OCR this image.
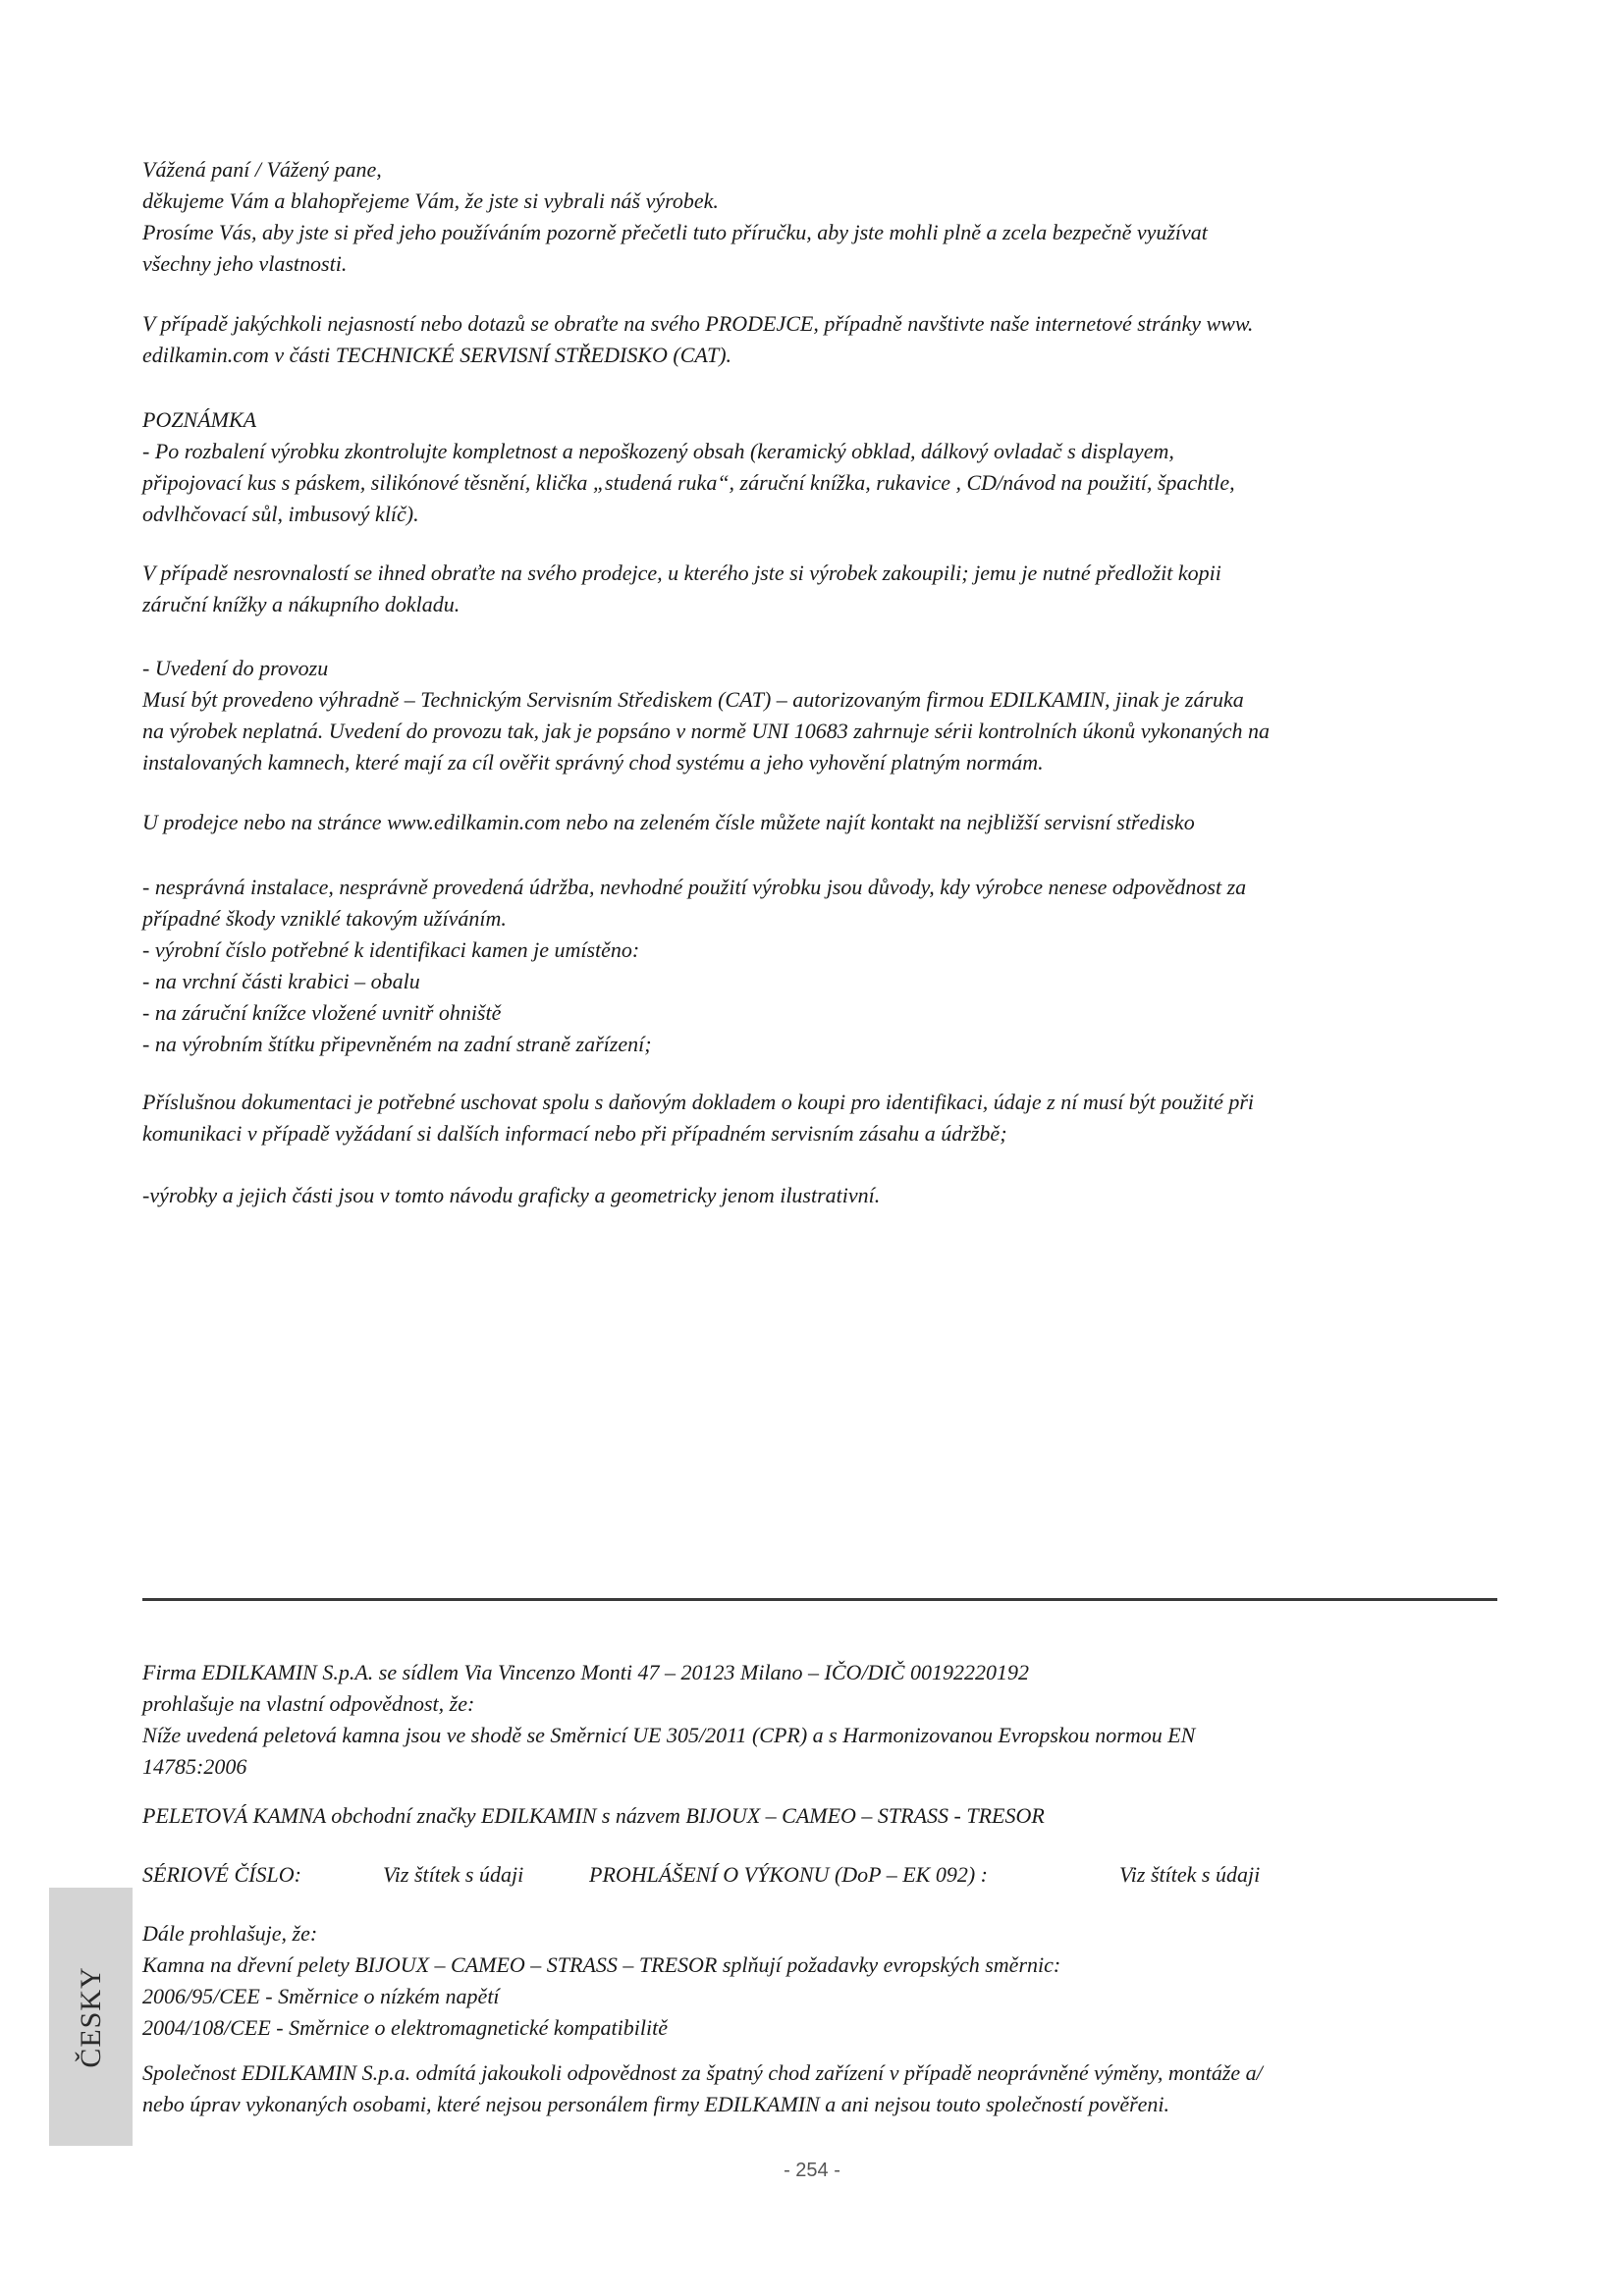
Vážená paní / Vážený pane,

děkujeme Vám a blahopřejeme Vám, že jste si vybrali náš výrobek.

Prosíme Vás, aby jste si před jeho používáním pozorně přečetli tuto příručku, aby jste mohli plně a zcela bezpečně využívat

všechny jeho vlastnosti.

V případě jakýchkoli nejasností nebo dotazů se obraťte na svého PRODEJCE, případně navštivte naše internetové stránky www.

edilkamin.com v části TECHNICKÉ SERVISNÍ STŘEDISKO (CAT).

POZNÁMKA

- Po rozbalení výrobku zkontrolujte kompletnost a nepoškozený obsah (keramický obklad, dálkový ovladač s displayem,

připojovací kus s páskem, silikónové těsnění, klička „studená ruka“, záruční knížka, rukavice , CD/návod na použití, špachtle,

odvlhčovací sůl, imbusový klíč).

V případě nesrovnalostí se ihned obraťte na svého prodejce, u kterého jste si výrobek zakoupili; jemu je nutné předložit kopii

záruční knížky a nákupního dokladu.

- Uvedení do provozu

Musí být provedeno výhradně – Technickým Servisním Střediskem (CAT) – autorizovaným firmou EDILKAMIN, jinak je záruka

na výrobek neplatná. Uvedení do provozu tak, jak je popsáno v normě UNI 10683 zahrnuje sérii kontrolních úkonů vykonaných na

instalovaných kamnech, které mají za cíl ověřit správný chod systému a jeho vyhovění platným normám.

U prodejce nebo na stránce www.edilkamin.com nebo na zeleném čísle můžete najít kontakt na nejbližší servisní středisko

- nesprávná instalace, nesprávně provedená údržba, nevhodné použití výrobku jsou důvody, kdy výrobce nenese odpovědnost za

případné škody vzniklé takovým užíváním.

- výrobní číslo potřebné k identifikaci kamen je umístěno:

- na vrchní části krabici – obalu

- na záruční knížce vložené uvnitř ohniště

- na výrobním štítku připevněném na zadní straně zařízení;

Příslušnou dokumentaci je potřebné uschovat spolu s daňovým dokladem o koupi pro identifikaci, údaje z ní musí být použité při

komunikaci v případě vyžádaní si dalších informací nebo při případném servisním zásahu a údržbě;

-výrobky a jejich části jsou v tomto návodu graficky a geometricky jenom ilustrativní.

Firma EDILKAMIN S.p.A. se sídlem Via Vincenzo Monti 47 – 20123 Milano – IČO/DIČ 00192220192

prohlašuje na vlastní odpovědnost, že:

Níže uvedená peletová kamna jsou ve shodě se Směrnicí UE 305/2011 (CPR) a s Harmonizovanou Evropskou normou EN

14785:2006

PELETOVÁ KAMNA obchodní značky EDILKAMIN s názvem BIJOUX – CAMEO – STRASS - TRESOR

SÉRIOVÉ ČÍSLO:	Viz štítek s údaji	PROHLÁŠENÍ O VÝKONU (DoP – EK 092) :	Viz štítek s údaji

Dále prohlašuje, že:

Kamna na dřevní pelety BIJOUX – CAMEO – STRASS – TRESOR splňují požadavky evropských směrnic:

2006/95/CEE - Směrnice o nízkém napětí

2004/108/CEE - Směrnice o elektromagnetické kompatibilitě

Společnost EDILKAMIN S.p.a. odmítá jakoukoli odpovědnost za špatný chod zařízení v případě neoprávněné výměny, montáže a/

nebo úprav vykonaných osobami, které nejsou personálem firmy EDILKAMIN a ani nejsou touto společností pověřeni.

ČESKY
- 254 -
